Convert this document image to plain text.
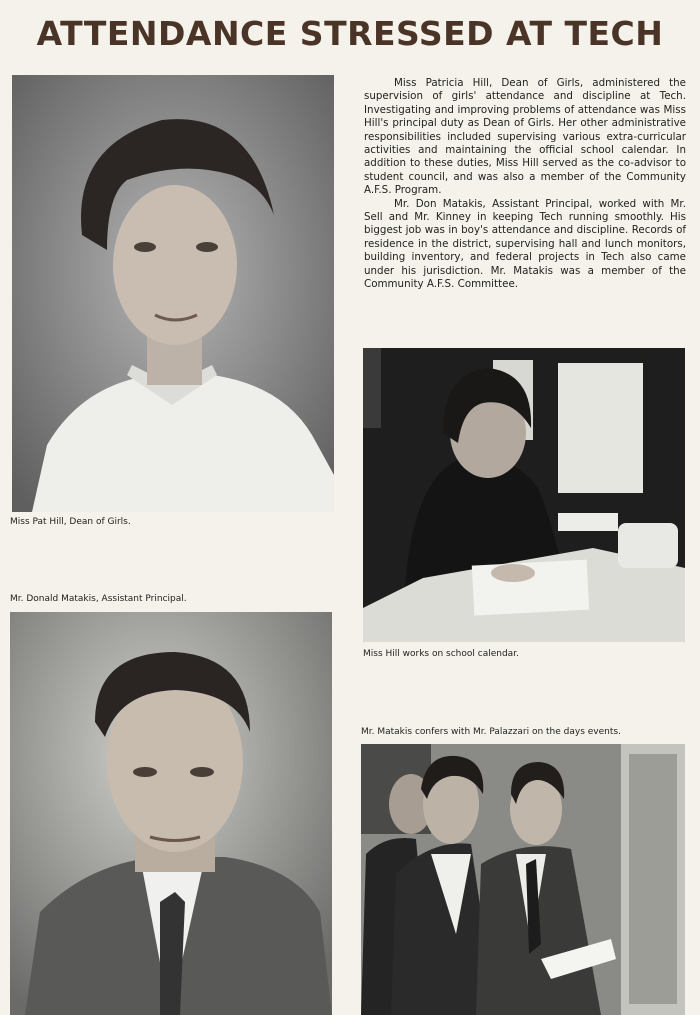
ATTENDANCE STRESSED AT TECH
Miss Pat Hill, Dean of Girls.
Mr. Donald Matakis, Assistant Principal.

Miss Patricia Hill, Dean of Girls, administered the supervision of girls' attendance and discipline at Tech. Investigating and improving problems of attendance was Miss Hill's principal duty as Dean of Girls. Her other administrative responsibilities included supervising various extra-curricular activities and maintaining the official school calendar. In addition to these duties, Miss Hill served as the co-advisor to student council, and was also a member of the Community A.F.S. Program.

Mr. Don Matakis, Assistant Principal, worked with Mr. Sell and Mr. Kinney in keeping Tech running smoothly. His biggest job was in boy's attendance and discipline. Records of residence in the district, supervising hall and lunch monitors, building inventory, and federal projects in Tech also came under his jurisdiction. Mr. Matakis was a member of the Community A.F.S. Committee.

Miss Hill works on school calendar.
Mr. Matakis confers with Mr. Palazzari on the days events.
